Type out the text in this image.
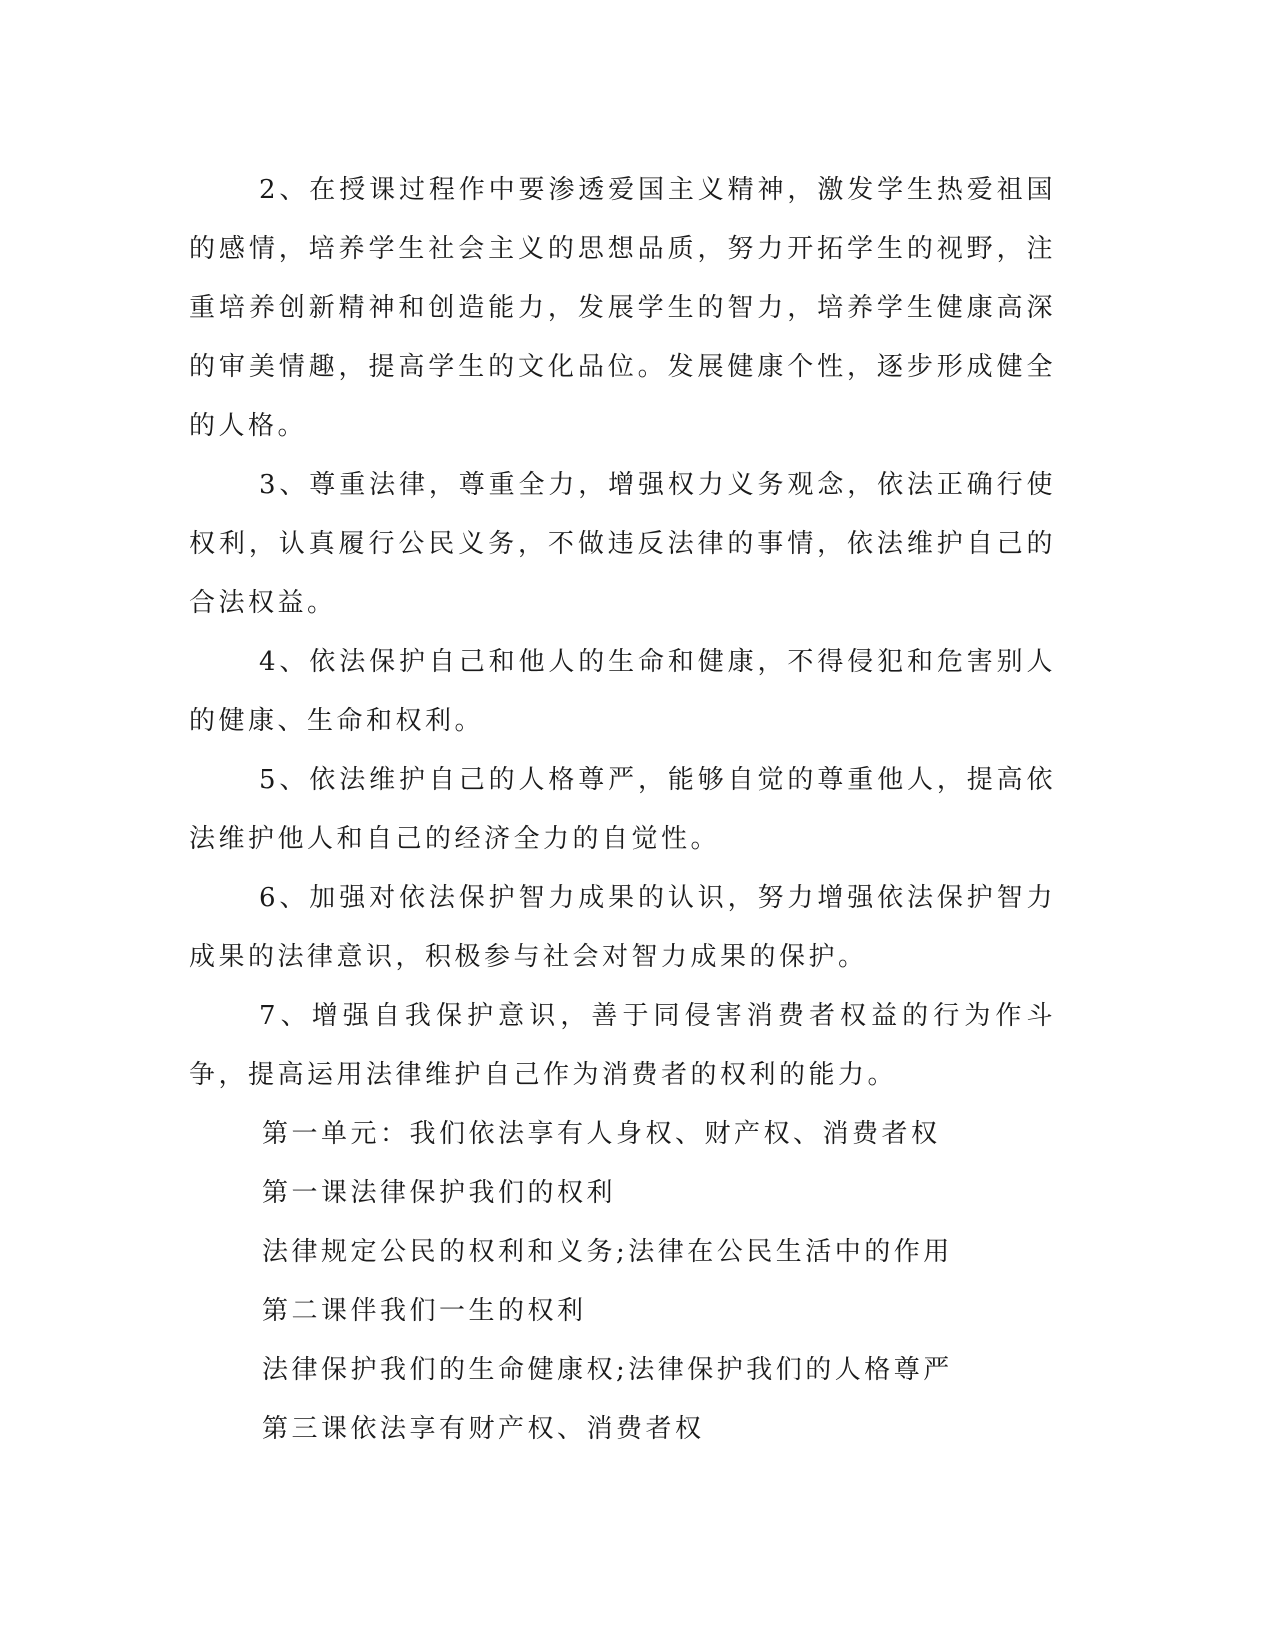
2、在授课过程作中要渗透爱国主义精神，激发学生热爱祖国的感情，培养学生社会主义的思想品质，努力开拓学生的视野，注重培养创新精神和创造能力，发展学生的智力，培养学生健康高深的审美情趣，提高学生的文化品位。发展健康个性，逐步形成健全的人格。

3、尊重法律，尊重全力，增强权力义务观念，依法正确行使权利，认真履行公民义务，不做违反法律的事情，依法维护自己的合法权益。

4、依法保护自己和他人的生命和健康，不得侵犯和危害别人的健康、生命和权利。

5、依法维护自己的人格尊严，能够自觉的尊重他人，提高依法维护他人和自己的经济全力的自觉性。

6、加强对依法保护智力成果的认识，努力增强依法保护智力成果的法律意识，积极参与社会对智力成果的保护。

7、增强自我保护意识，善于同侵害消费者权益的行为作斗争，提高运用法律维护自己作为消费者的权利的能力。

第一单元：我们依法享有人身权、财产权、消费者权

第一课法律保护我们的权利

法律规定公民的权利和义务;法律在公民生活中的作用

第二课伴我们一生的权利

法律保护我们的生命健康权;法律保护我们的人格尊严

第三课依法享有财产权、消费者权
